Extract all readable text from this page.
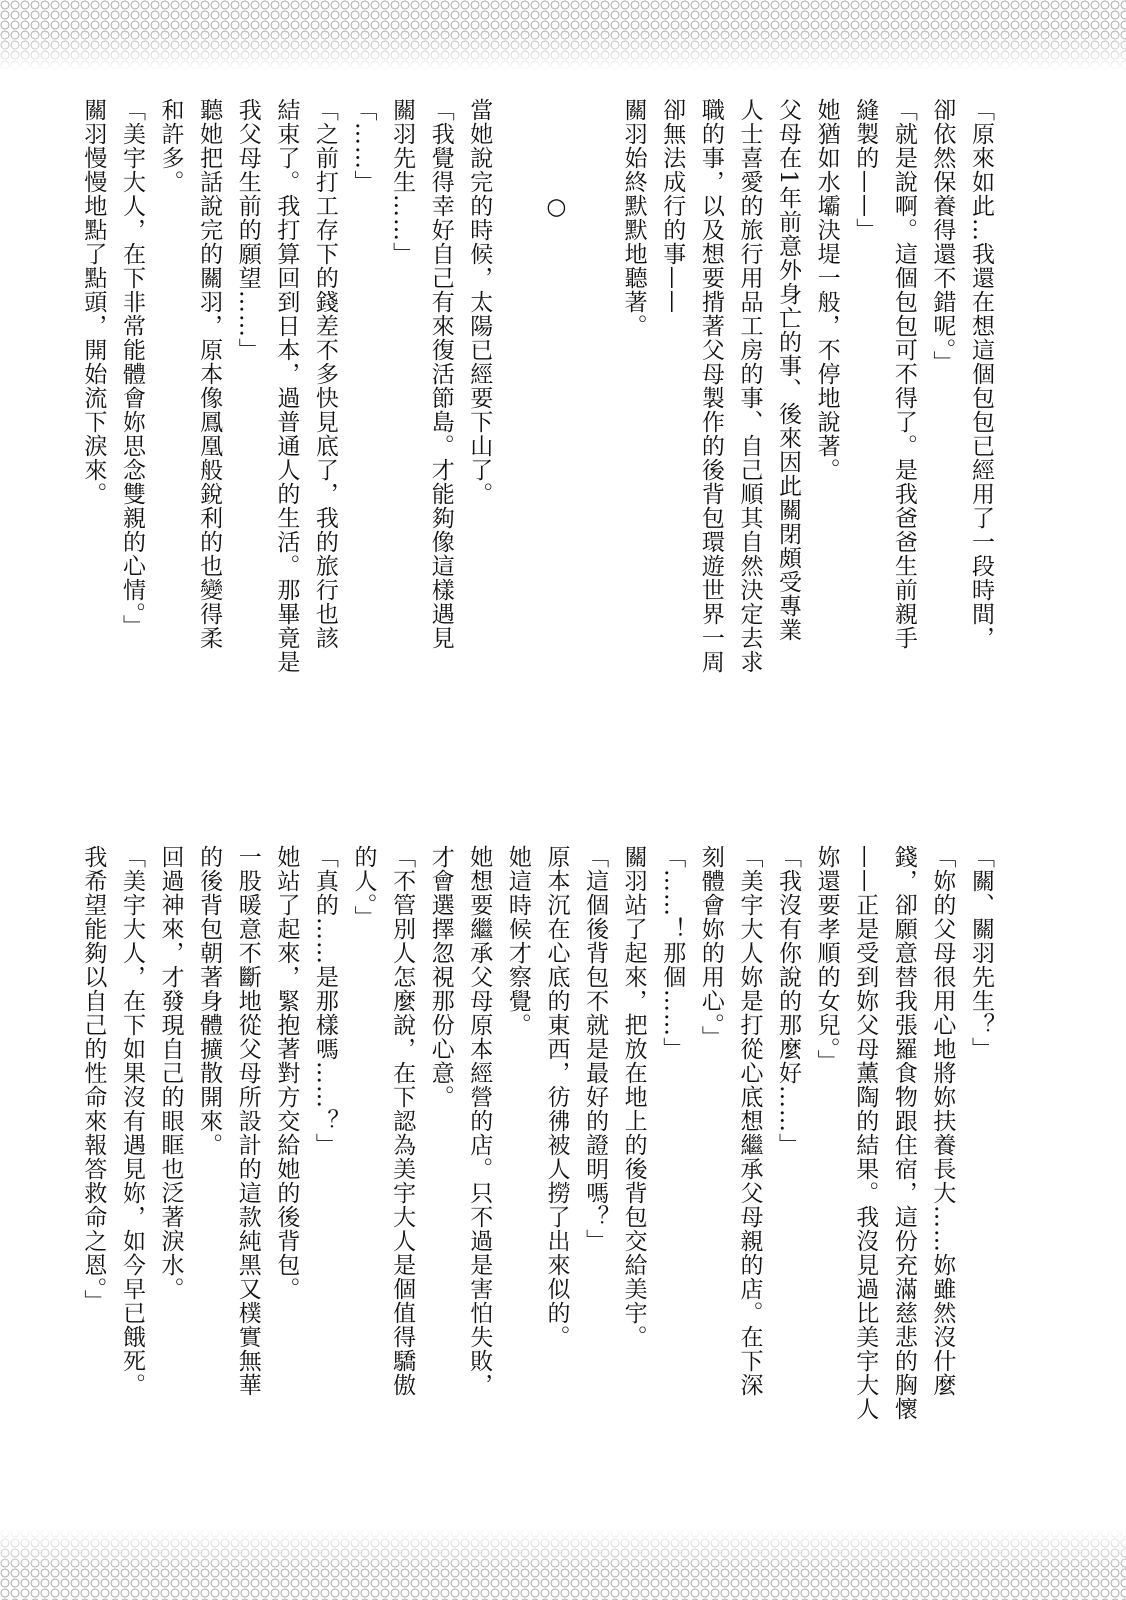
「原來如此…我還在想這個包包已經用了一段時間，
卻依然保養得還不錯呢。」
「就是說啊。這個包包可不得了。是我爸爸生前親手
縫製的——」
她猶如水壩決堤一般，不停地說著。
父母在1年前意外身亡的事、後來因此關閉頗受專業
人士喜愛的旅行用品工房的事、自己順其自然決定去求
職的事，以及想要揹著父母製作的後背包環遊世界一周
卻無法成行的事——
關羽始終默默地聽著。

　　　　○

當她說完的時候，太陽已經要下山了。
「我覺得幸好自己有來復活節島。才能夠像這樣遇見
關羽先生……」
「……」
「之前打工存下的錢差不多快見底了，我的旅行也該
結束了。我打算回到日本，過普通人的生活。那畢竟是
我父母生前的願望……」
聽她把話說完的關羽，原本像鳳凰般銳利的也變得柔
和許多。
「美宇大人，在下非常能體會妳思念雙親的心情。」
關羽慢慢地點了點頭，開始流下淚來。
「關、關羽先生？」
「妳的父母很用心地將妳扶養長大……妳雖然沒什麼
錢，卻願意替我張羅食物跟住宿，這份充滿慈悲的胸懷
——正是受到妳父母薰陶的結果。我沒見過比美宇大人
妳還要孝順的女兒。」
「我沒有你說的那麼好……」
「美宇大人妳是打從心底想繼承父母親的店。在下深
刻體會妳的用心。」
「……！那個……」
關羽站了起來，把放在地上的後背包交給美宇。
「這個後背包不就是最好的證明嗎？」
原本沉在心底的東西，彷彿被人撈了出來似的。
她這時候才察覺。
她想要繼承父母原本經營的店。只不過是害怕失敗，
才會選擇忽視那份心意。
「不管別人怎麼說，在下認為美宇大人是個值得驕傲
的人。」
「真的……是那樣嗎……？」
她站了起來，緊抱著對方交給她的後背包。
一股暖意不斷地從父母所設計的這款純黑又樸實無華
的後背包朝著身體擴散開來。
回過神來，才發現自己的眼眶也泛著淚水。
「美宇大人，在下如果沒有遇見妳，如今早已餓死。
我希望能夠以自己的性命來報答救命之恩。」
